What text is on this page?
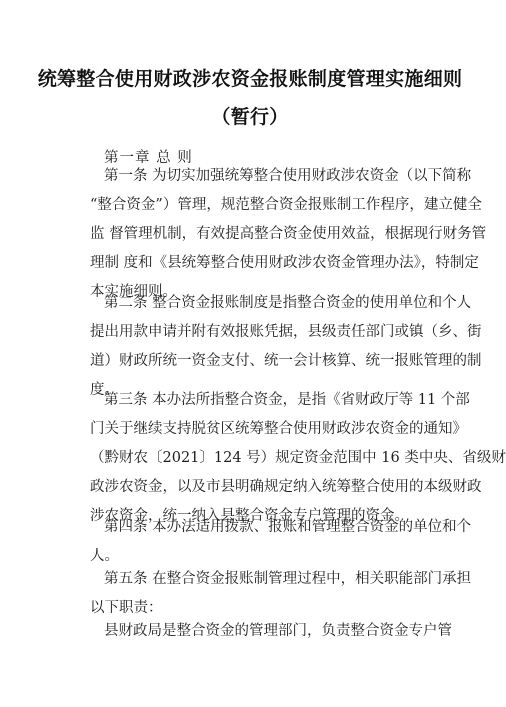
统筹整合使用财政涉农资金报账制度管理实施细则
（暂行）
第一章 总 则
第一条 为切实加强统筹整合使用财政涉农资金（以下简称
“整合资金”）管理，规范整合资金报账制工作程序，建立健全
监 督管理机制，有效提高整合资金使用效益，根据现行财务管
理制 度和《县统筹整合使用财政涉农资金管理办法》，特制定
本实施细则。
第二条 整合资金报账制度是指整合资金的使用单位和个人
提出用款申请并附有效报账凭据，县级责任部门或镇（乡、街
道）财政所统一资金支付、统一会计核算、统一报账管理的制
度。
第三条 本办法所指整合资金，是指《省财政厅等 11 个部
门关于继续支持脱贫区统筹整合使用财政涉农资金的通知》
（黔财农〔2021〕124 号）规定资金范围中 16 类中央、省级财
政涉农资金，以及市县明确规定纳入统筹整合使用的本级财政
涉农资金，统一纳入县整合资金专户管理的资金。
第四条 本办法适用拨款、报账和管理整合资金的单位和个
人。
第五条 在整合资金报账制管理过程中，相关职能部门承担
以下职责：
县财政局是整合资金的管理部门，负责整合资金专户管
